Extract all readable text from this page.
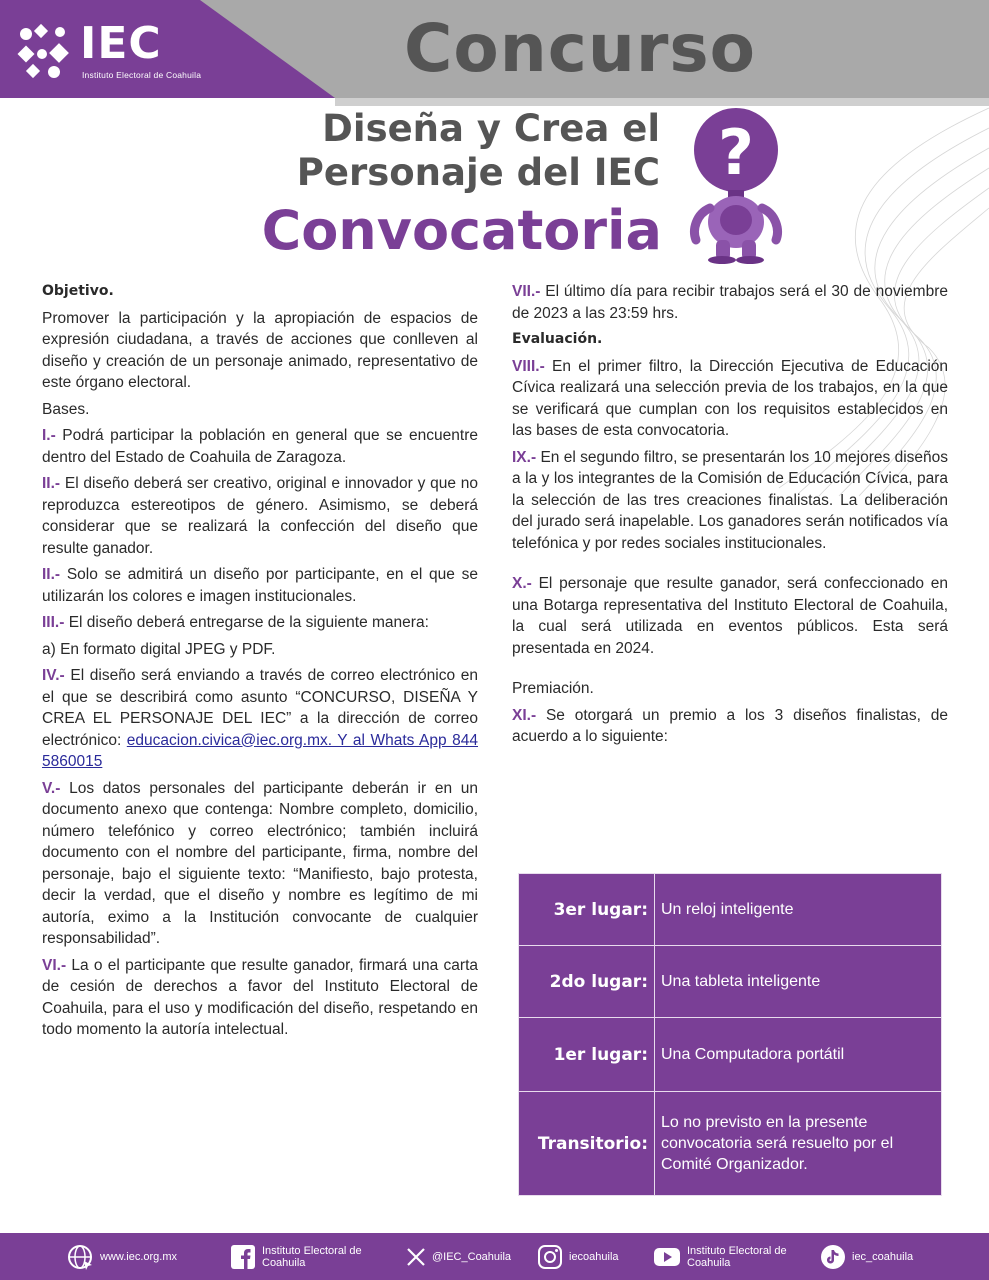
IEC
Instituto Electoral de Coahuila	Concurso
Diseña y Crea el
Personaje del IEC
Convocatoria
?

Objetivo.

Promover la participación y la apropiación de espacios de expresión ciudadana, a través de acciones que conlleven al diseño y creación de un personaje animado, representativo de este órgano electoral.

Bases.

I.- Podrá participar la población en general que se encuentre dentro del Estado de Coahuila de Zaragoza.

II.- El diseño deberá ser creativo, original e innovador y que no reproduzca estereotipos de género. Asimismo, se deberá considerar que se realizará la confección del diseño que resulte ganador.

II.- Solo se admitirá un diseño por participante, en el que se utilizarán los colores e imagen institucionales.

III.- El diseño deberá entregarse de la siguiente manera:

a) En formato digital JPEG y PDF.

IV.- El diseño será enviando a través de correo electrónico en el que se describirá como asunto “CONCURSO, DISEÑA Y CREA EL PERSONAJE DEL IEC” a la dirección de correo electrónico: educacion.civica@iec.org.mx. Y al Whats App 844 5860015

V.- Los datos personales del participante deberán ir en un documento anexo que contenga: Nombre completo, domicilio, número telefónico y correo electrónico; también incluirá documento con el nombre del participante, firma, nombre del personaje, bajo el siguiente texto: “Manifiesto, bajo protesta, decir la verdad, que el diseño y nombre es legítimo de mi autoría, eximo a la Institución convocante de cualquier responsabilidad”.

VI.- La o el participante que resulte ganador, firmará una carta de cesión de derechos a favor del Instituto Electoral de Coahuila, para el uso y modificación del diseño, respetando en todo momento la autoría intelectual.

VII.- El último día para recibir trabajos será el 30 de noviembre de 2023 a las 23:59 hrs.

Evaluación.

VIII.- En el primer filtro, la Dirección Ejecutiva de Educación Cívica realizará una selección previa de los trabajos, en la que se verificará que cumplan con los requisitos establecidos en las bases de esta convocatoria.

IX.- En el segundo filtro, se presentarán los 10 mejores diseños a la y los integrantes de la Comisión de Educación Cívica, para la selección de las tres creaciones finalistas. La deliberación del jurado será inapelable. Los ganadores serán notificados vía telefónica y por redes sociales institucionales.

X.- El personaje que resulte ganador, será confeccionado en una Botarga representativa del Instituto Electoral de Coahuila, la cual será utilizada en eventos públicos. Esta será presentada en 2024.

Premiación.

XI.- Se otorgará un premio a los 3 diseños finalistas, de acuerdo a lo siguiente:

3er lugar:	Un reloj inteligente
2do lugar:	Una tableta inteligente
1er lugar:	Una Computadora portátil
Transitorio:	Lo no previsto en la presente convocatoria será resuelto por el Comité Organizador.
www.iec.org.mx	Instituto Electoral de Coahuila	@IEC_Coahuila	iecoahuila	Instituto Electoral de Coahuila	iec_coahuila
